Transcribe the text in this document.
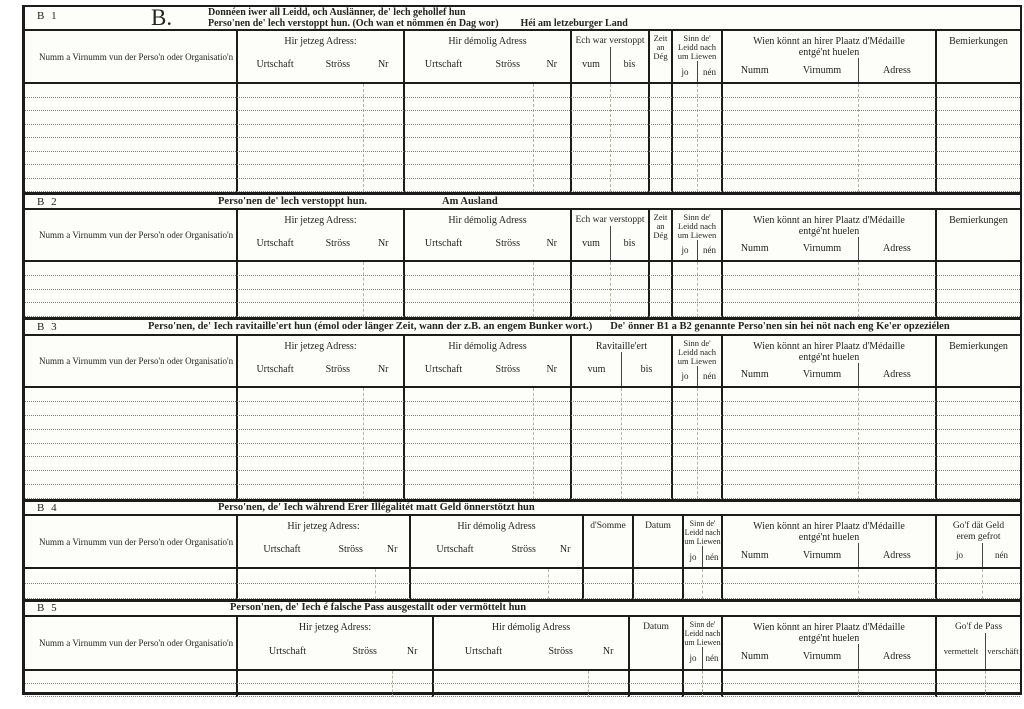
B 1	B.	Donnéen iwer all Leidd, och Auslänner, de' lech gehollef hun
Perso'nen de' lech verstoppt hun. (Och wan et nömmen én Dag wor) Héi am letzeburger Land
Numm a Virnumm vun der Perso'n oder Organisatio'n
Hir jetzeg Adress:
Urtschaft	Ströss	Nr
Hir démolig Adress
Urtschaft	Ströss	Nr
Ech war verstoppt
vum	bis
Zeit
an
Dég
Sinn de'
Leidd nach
um Liewen
jo	nén
Wien könnt an hirer Plaatz d'Médaille entgé'nt huelen
Numm	Virnumm	Adress
Bemierkungen
B 2	Perso'nen de' lech verstoppt hun.	Am Ausland
Numm a Virnumm vun der Perso'n oder Organisatio'n
Hir jetzeg Adress:
Urtschaft	Ströss	Nr
Hir démolig Adress
Urtschaft	Ströss	Nr
Ech war verstoppt
vum	bis
Zeit
an
Dég
Sinn de'
Leidd nach
um Liewen
jo	nén
Wien könnt an hirer Plaatz d'Médaille entgé'nt huelen
Numm	Virnumm	Adress
Bemierkungen
B 3	Perso'nen, de' Iech ravitaille'ert hun (émol oder länger Zeit, wann der z.B. an engem Bunker wort.) De' önner B1 a B2 genannte Perso'nen sin hei nöt nach eng Ke'er opzeziélen
Numm a Virnumm vun der Perso'n oder Organisatio'n
Hir jetzeg Adress:
Urtschaft	Ströss	Nr
Hir démolig Adress
Urtschaft	Ströss	Nr
Ravitaille'ert
vum	bis
Sinn de'
Leidd nach
um Liewen
jo	nén
Wien könnt an hirer Plaatz d'Médaille entgé'nt huelen
Numm	Virnumm	Adress
Bemierkungen
B 4	Perso'nen, de' Iech während Erer Illégalitét matt Geld önnerstötzt hun
Numm a Virnumm vun der Perso'n oder Organisatio'n
Hir jetzeg Adress:
Urtschaft	Ströss	Nr
Hir démolig Adress
Urtschaft	Ströss	Nr
d'Somme	Datum	Sinn de'
Leidd nach
um Liewen
jo	nén
Wien könnt an hirer Plaatz d'Médaille entgé'nt huelen
Numm	Virnumm	Adress
Go'f dät Geld erem gefrot
jo	nén
B 5	Person'nen, de' Iech é falsche Pass ausgestallt oder vermöttelt hun
Numm a Virnumm vun der Perso'n oder Organisatio'n
Hir jetzeg Adress:
Urtschaft	Ströss	Nr
Hir démolig Adress
Urtschaft	Ströss	Nr
Datum	Sinn de'
Leidd nach
um Liewen
jo	nén
Wien könnt an hirer Plaatz d'Médaille entgé'nt huelen
Numm	Virnumm	Adress
Go'f de Pass
vermettelt	verschäft
